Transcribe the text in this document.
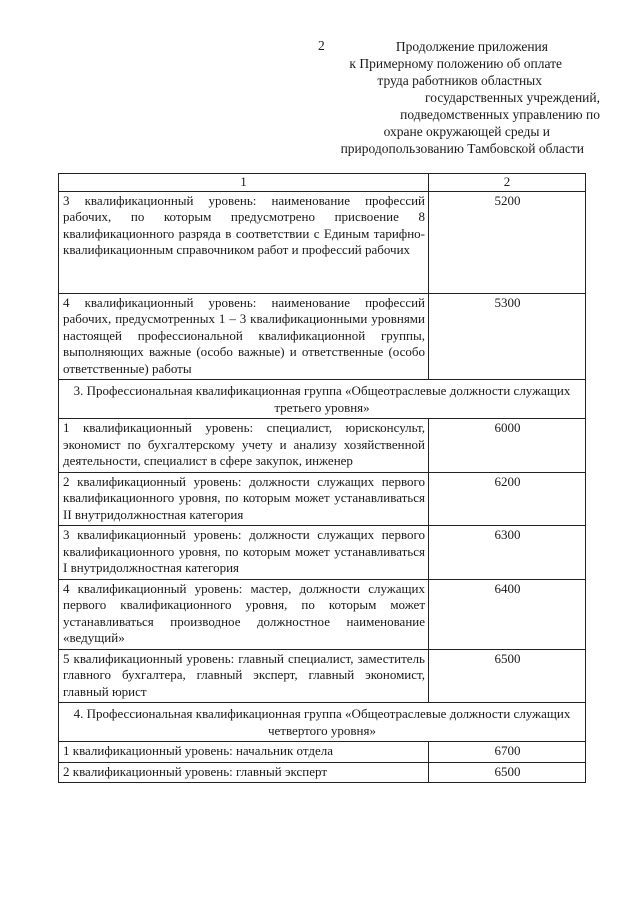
2	Продолжение приложения
к Примерному положению об оплате
труда работников областных
государственных учреждений,
подведомственных управлению по
охране окружающей среды и
природопользованию Тамбовской области
1	2
3 квалификационный уровень: наименование профессий рабочих, по которым предусмотрено присвоение 8 квалификационного разряда в соответствии с Единым тарифно-квалификационным справочником работ и профессий рабочих	5200
4 квалификационный уровень: наименование профессий рабочих, предусмотренных 1 – 3 квалификационными уровнями настоящей профессиональной квалификационной группы, выполняющих важные (особо важные) и ответственные (особо ответственные) работы	5300
3. Профессиональная квалификационная группа «Общеотраслевые должности служащих третьего уровня»	
1 квалификационный уровень: специалист, юрисконсульт, экономист по бухгалтерскому учету и анализу хозяйственной деятельности, специалист в сфере закупок, инженер	6000
2 квалификационный уровень: должности служащих первого квалификационного уровня, по которым может устанавливаться II внутридолжностная категория	6200
3 квалификационный уровень: должности служащих первого квалификационного уровня, по которым может устанавливаться I внутридолжностная категория	6300
4 квалификационный уровень: мастер, должности служащих первого квалификационного уровня, по которым может устанавливаться производное должностное наименование «ведущий»	6400
5 квалификационный уровень: главный специалист, заместитель главного бухгалтера, главный эксперт, главный экономист, главный юрист	6500
4. Профессиональная квалификационная группа «Общеотраслевые должности служащих четвертого уровня»	
1 квалификационный уровень: начальник отдела	6700
2 квалификационный уровень: главный эксперт	6500
